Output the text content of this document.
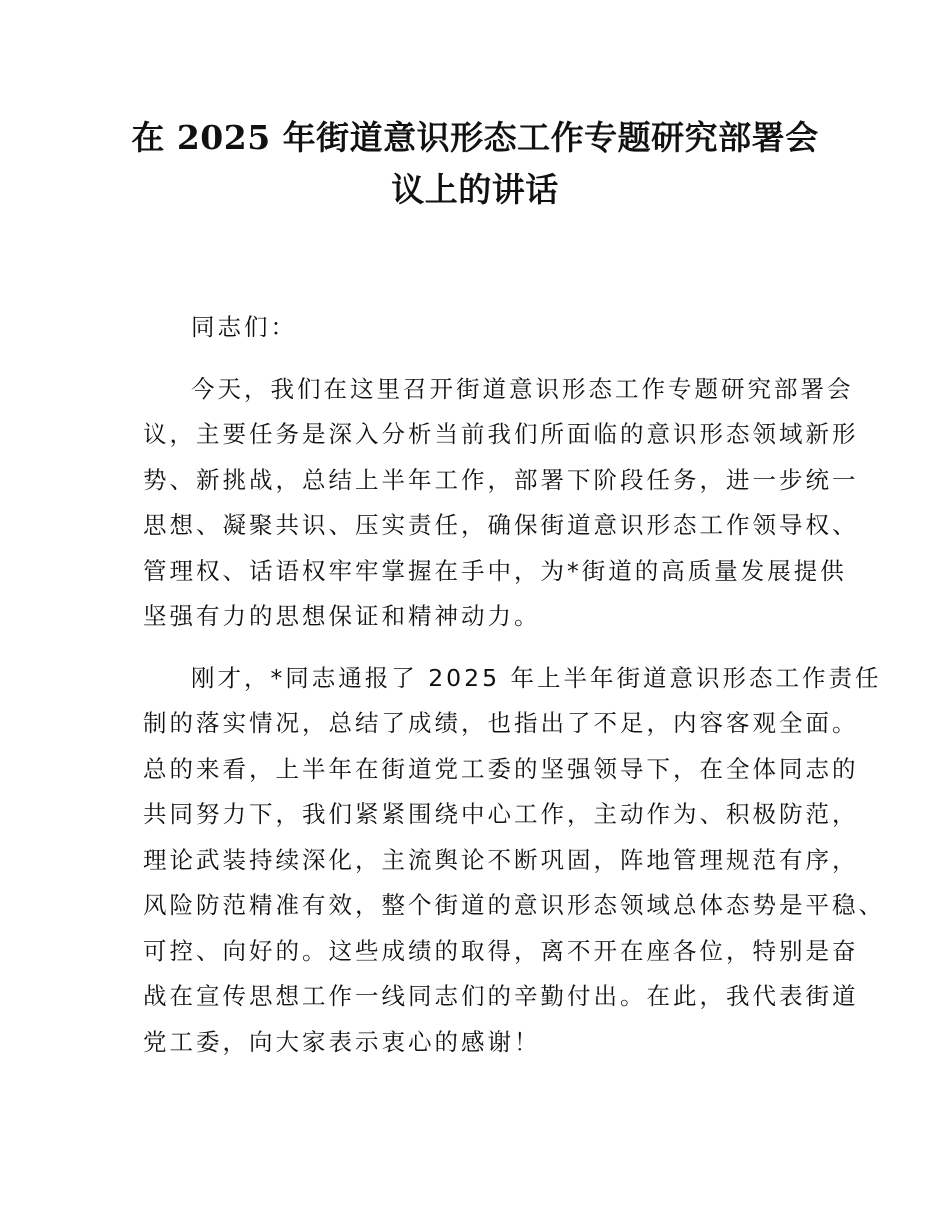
在 2025 年街道意识形态工作专题研究部署会
议上的讲话
同志们：
今天，我们在这里召开街道意识形态工作专题研究部署会
议，主要任务是深入分析当前我们所面临的意识形态领域新形
势、新挑战，总结上半年工作，部署下阶段任务，进一步统一
思想、凝聚共识、压实责任，确保街道意识形态工作领导权、
管理权、话语权牢牢掌握在手中，为*街道的高质量发展提供
坚强有力的思想保证和精神动力。
刚才，*同志通报了 2025 年上半年街道意识形态工作责任
制的落实情况，总结了成绩，也指出了不足，内容客观全面。
总的来看，上半年在街道党工委的坚强领导下，在全体同志的
共同努力下，我们紧紧围绕中心工作，主动作为、积极防范，
理论武装持续深化，主流舆论不断巩固，阵地管理规范有序，
风险防范精准有效，整个街道的意识形态领域总体态势是平稳、
可控、向好的。这些成绩的取得，离不开在座各位，特别是奋
战在宣传思想工作一线同志们的辛勤付出。在此，我代表街道
党工委，向大家表示衷心的感谢！
